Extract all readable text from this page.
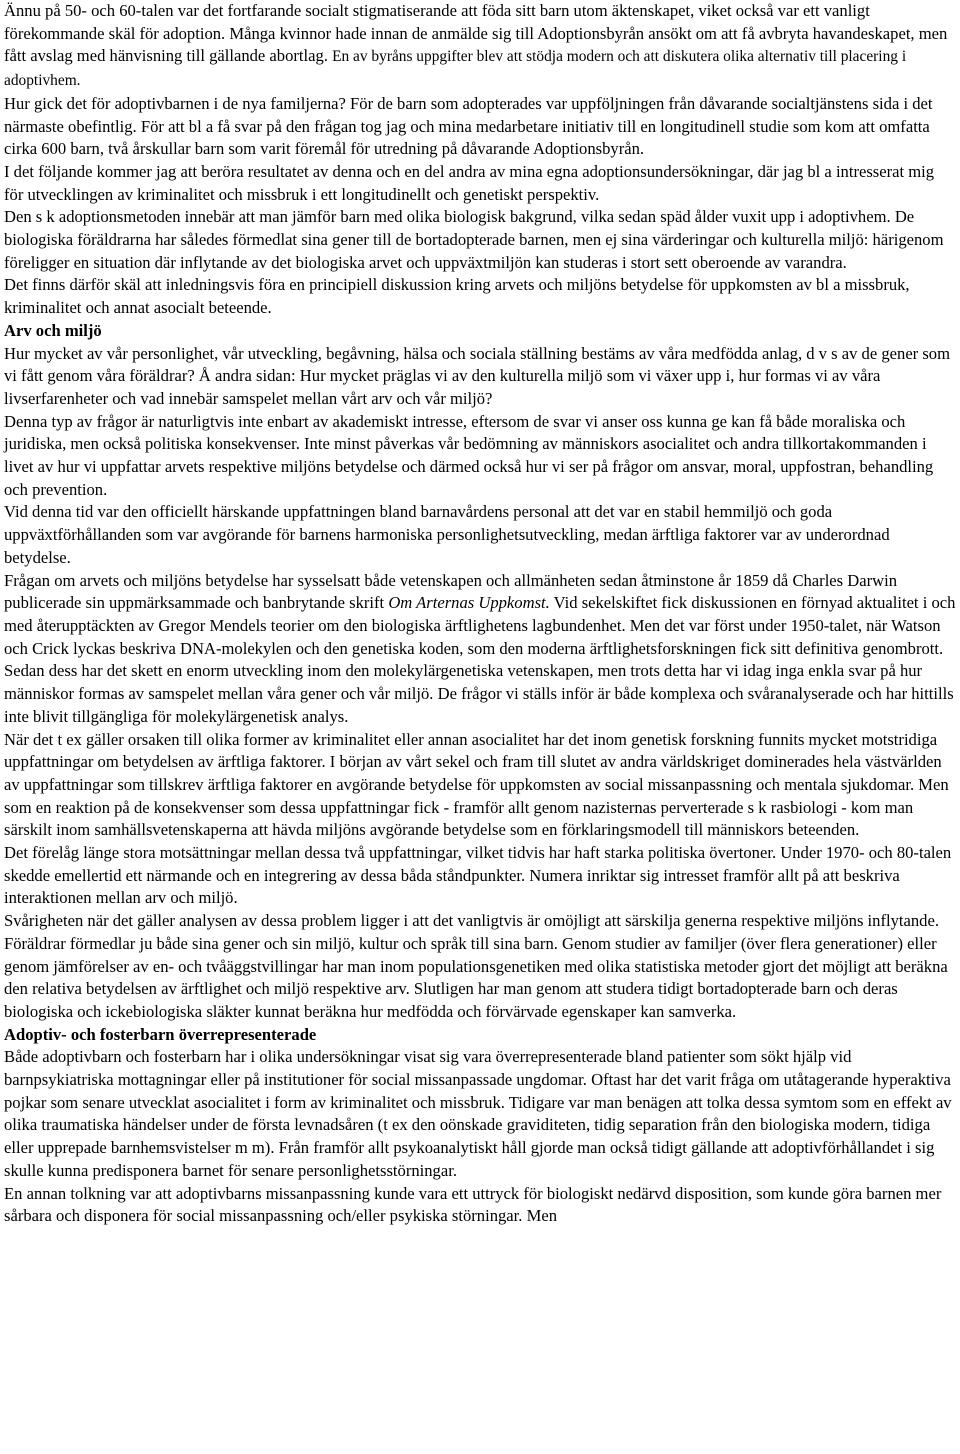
Ännu på 50- och 60-talen var det fortfarande socialt stigmatiserande att föda sitt barn utom äktenskapet, viket också var ett vanligt förekommande skäl för adoption. Många kvinnor hade innan de anmälde sig till Adoptionsbyrån ansökt om att få avbryta havandeskapet, men fått avslag med hänvisning till gällande abortlag. En av byråns uppgifter blev att stödja modern och att diskutera olika alternativ till placering i adoptivhem.

Hur gick det för adoptivbarnen i de nya familjerna? För de barn som adopterades var uppföljningen från dåvarande socialtjänstens sida i det närmaste obefintlig. För att bl a få svar på den frågan tog jag och mina medarbetare initiativ till en longitudinell studie som kom att omfatta cirka 600 barn, två årskullar barn som varit föremål för utredning på dåvarande Adoptionsbyrån.

I det följande kommer jag att beröra resultatet av denna och en del andra av mina egna adoptionsundersökningar, där jag bl a intresserat mig för utvecklingen av kriminalitet och missbruk i ett longitudinellt och genetiskt perspektiv.

Den s k adoptionsmetoden innebär att man jämför barn med olika biologisk bakgrund, vilka sedan späd ålder vuxit upp i adoptivhem. De biologiska föräldrarna har således förmedlat sina gener till de bortadopterade barnen, men ej sina värderingar och kulturella miljö: härigenom föreligger en situation där inflytande av det biologiska arvet och uppväxtmiljön kan studeras i stort sett oberoende av varandra.

Det finns därför skäl att inledningsvis föra en principiell diskussion kring arvets och miljöns betydelse för uppkomsten av bl a missbruk, kriminalitet och annat asocialt beteende.

Arv och miljö

Hur mycket av vår personlighet, vår utveckling, begåvning, hälsa och sociala ställning bestäms av våra medfödda anlag, d v s av de gener som vi fått genom våra föräldrar? Å andra sidan: Hur mycket präglas vi av den kulturella miljö som vi växer upp i, hur formas vi av våra livserfarenheter och vad innebär samspelet mellan vårt arv och vår miljö?

Denna typ av frågor är naturligtvis inte enbart av akademiskt intresse, eftersom de svar vi anser oss kunna ge kan få både moraliska och juridiska, men också politiska konsekvenser. Inte minst påverkas vår bedömning av människors asocialitet och andra tillkortakommanden i livet av hur vi uppfattar arvets respektive miljöns betydelse och därmed också hur vi ser på frågor om ansvar, moral, uppfostran, behandling och prevention.

Vid denna tid var den officiellt härskande uppfattningen bland barnavårdens personal att det var en stabil hemmiljö och goda uppväxtförhållanden som var avgörande för barnens harmoniska personlighetsutveckling, medan ärftliga faktorer var av underordnad betydelse.

Frågan om arvets och miljöns betydelse har sysselsatt både vetenskapen och allmänheten sedan åtminstone år 1859 då Charles Darwin publicerade sin uppmärksammade och banbrytande skrift Om Arternas Uppkomst. Vid sekelskiftet fick diskussionen en förnyad aktualitet i och med återupptäckten av Gregor Mendels teorier om den biologiska ärftlighetens lagbundenhet. Men det var först under 1950-talet, när Watson och Crick lyckas beskriva DNA-molekylen och den genetiska koden, som den moderna ärftlighetsforskningen fick sitt definitiva genombrott. Sedan dess har det skett en enorm utveckling inom den molekylärgenetiska vetenskapen, men trots detta har vi idag inga enkla svar på hur människor formas av samspelet mellan våra gener och vår miljö. De frågor vi ställs inför är både komplexa och svåranalyserade och har hittills inte blivit tillgängliga för molekylärgenetisk analys.

När det t ex gäller orsaken till olika former av kriminalitet eller annan asocialitet har det inom genetisk forskning funnits mycket motstridiga uppfattningar om betydelsen av ärftliga faktorer. I början av vårt sekel och fram till slutet av andra världskriget dominerades hela västvärlden av uppfattningar som tillskrev ärftliga faktorer en avgörande betydelse för uppkomsten av social missanpassning och mentala sjukdomar. Men som en reaktion på de konsekvenser som dessa uppfattningar fick - framför allt genom nazisternas perverterade s k rasbiologi - kom man särskilt inom samhällsvetenskaperna att hävda miljöns avgörande betydelse som en förklaringsmodell till människors beteenden.

Det förelåg länge stora motsättningar mellan dessa två uppfattningar, vilket tidvis har haft starka politiska övertoner. Under 1970- och 80-talen skedde emellertid ett närmande och en integrering av dessa båda ståndpunkter. Numera inriktar sig intresset framför allt på att beskriva interaktionen mellan arv och miljö.

Svårigheten när det gäller analysen av dessa problem ligger i att det vanligtvis är omöjligt att särskilja generna respektive miljöns inflytande. Föräldrar förmedlar ju både sina gener och sin miljö, kultur och språk till sina barn. Genom studier av familjer (över flera generationer) eller genom jämförelser av en- och tvåäggstvillingar har man inom populationsgenetiken med olika statistiska metoder gjort det möjligt att beräkna den relativa betydelsen av ärftlighet och miljö respektive arv. Slutligen har man genom att studera tidigt bortadopterade barn och deras biologiska och ickebiologiska släkter kunnat beräkna hur medfödda och förvärvade egenskaper kan samverka.

Adoptiv- och fosterbarn överrepresenterade

Både adoptivbarn och fosterbarn har i olika undersökningar visat sig vara överrepresenterade bland patienter som sökt hjälp vid barnpsykiatriska mottagningar eller på institutioner för social missanpassade ungdomar. Oftast har det varit fråga om utåtagerande hyperaktiva pojkar som senare utvecklat asocialitet i form av kriminalitet och missbruk. Tidigare var man benägen att tolka dessa symtom som en effekt av olika traumatiska händelser under de första levnadsåren (t ex den oönskade graviditeten, tidig separation från den biologiska modern, tidiga eller upprepade barnhemsvistelser m m). Från framför allt psykoanalytiskt håll gjorde man också tidigt gällande att adoptivförhållandet i sig skulle kunna predisponera barnet för senare personlighetsstörningar.

En annan tolkning var att adoptivbarns missanpassning kunde vara ett uttryck för biologiskt nedärvd disposition, som kunde göra barnen mer sårbara och disponera för social missanpassning och/eller psykiska störningar. Men
